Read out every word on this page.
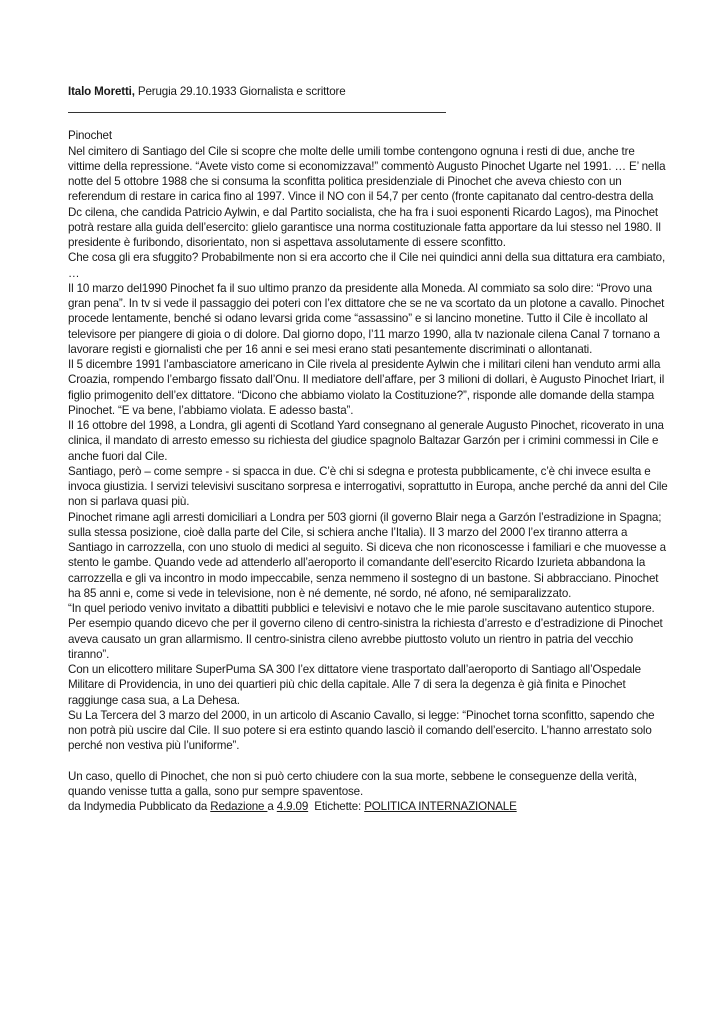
Italo Moretti, Perugia 29.10.1933 Giornalista e scrittore

Pinochet

Nel cimitero di Santiago del Cile si scopre che molte delle umili tombe contengono ognuna i resti di due, anche tre vittime della repressione. “Avete visto come si economizzava!” commentò Augusto Pinochet Ugarte nel 1991. … E’ nella notte del 5 ottobre 1988 che si consuma la sconfitta politica presidenziale di Pinochet che aveva chiesto con un referendum di restare in carica fino al 1997. Vince il NO con il 54,7 per cento (fronte capitanato dal centro-destra della Dc cilena, che candida Patricio Aylwin, e dal Partito socialista, che ha fra i suoi esponenti Ricardo Lagos), ma Pinochet potrà restare alla guida dell’esercito: glielo garantisce una norma costituzionale fatta apportare da lui stesso nel 1980. Il presidente è furibondo, disorientato, non si aspettava assolutamente di essere sconfitto.

Che cosa gli era sfuggito? Probabilmente non si era accorto che il Cile nei quindici anni della sua dittatura era cambiato, …

Il 10 marzo del1990 Pinochet fa il suo ultimo pranzo da presidente alla Moneda. Al commiato sa solo dire: “Provo una gran pena”. In tv si vede il passaggio dei poteri con l’ex dittatore che se ne va scortato da un plotone a cavallo. Pinochet procede lentamente, benché si odano levarsi grida come “assassino” e si lancino monetine. Tutto il Cile è incollato al televisore per piangere di gioia o di dolore. Dal giorno dopo, l’11 marzo 1990, alla tv nazionale cilena Canal 7 tornano a lavorare registi e giornalisti che per 16 anni e sei mesi erano stati pesantemente discriminati o allontanati.

Il 5 dicembre 1991 l’ambasciatore americano in Cile rivela al presidente Aylwin che i militari cileni han venduto armi alla Croazia, rompendo l’embargo fissato dall’Onu. Il mediatore dell’affare, per 3 milioni di dollari, è Augusto Pinochet Iriart, il figlio primogenito dell’ex dittatore. “Dicono che abbiamo violato la Costituzione?”, risponde alle domande della stampa Pinochet. “E va bene, l’abbiamo violata. E adesso basta”.

Il 16 ottobre del 1998, a Londra, gli agenti di Scotland Yard consegnano al generale Augusto Pinochet, ricoverato in una clinica, il mandato di arresto emesso su richiesta del giudice spagnolo Baltazar Garzón per i crimini commessi in Cile e anche fuori dal Cile.

Santiago, però – come sempre - si spacca in due. C’è chi si sdegna e protesta pubblicamente, c’è chi invece esulta e invoca giustizia. I servizi televisivi suscitano sorpresa e interrogativi, soprattutto in Europa, anche perché da anni del Cile non si parlava quasi più.

Pinochet rimane agli arresti domiciliari a Londra per 503 giorni (il governo Blair nega a Garzón l’estradizione in Spagna; sulla stessa posizione, cioè dalla parte del Cile, si schiera anche l’Italia). Il 3 marzo del 2000 l’ex tiranno atterra a Santiago in carrozzella, con uno stuolo di medici al seguito. Si diceva che non riconoscesse i familiari e che muovesse a stento le gambe. Quando vede ad attenderlo all’aeroporto il comandante dell’esercito Ricardo Izurieta abbandona la carrozzella e gli va incontro in modo impeccabile, senza nemmeno il sostegno di un bastone. Si abbracciano. Pinochet ha 85 anni e, come si vede in televisione, non è né demente, né sordo, né afono, né semiparalizzato.

“In quel periodo venivo invitato a dibattiti pubblici e televisivi e notavo che le mie parole suscitavano autentico stupore. Per esempio quando dicevo che per il governo cileno di centro-sinistra la richiesta d’arresto e d’estradizione di Pinochet aveva causato un gran allarmismo. Il centro-sinistra cileno avrebbe piuttosto voluto un rientro in patria del vecchio tiranno”.

Con un elicottero militare SuperPuma SA 300 l’ex dittatore viene trasportato dall’aeroporto di Santiago all’Ospedale Militare di Providencia, in uno dei quartieri più chic della capitale. Alle 7 di sera la degenza è già finita e Pinochet raggiunge casa sua, a La Dehesa.

Su La Tercera del 3 marzo del 2000, in un articolo di Ascanio Cavallo, si legge: “Pinochet torna sconfitto, sapendo che non potrà più uscire dal Cile. Il suo potere si era estinto quando lasciò il comando dell’esercito. L’hanno arrestato solo perché non vestiva più l’uniforme”.

Un caso, quello di Pinochet, che non si può certo chiudere con la sua morte, sebbene le conseguenze della verità, quando venisse tutta a galla, sono pur sempre spaventose.

da Indymedia Pubblicato da Redazione a 4.9.09  Etichette: POLITICA INTERNAZIONALE
